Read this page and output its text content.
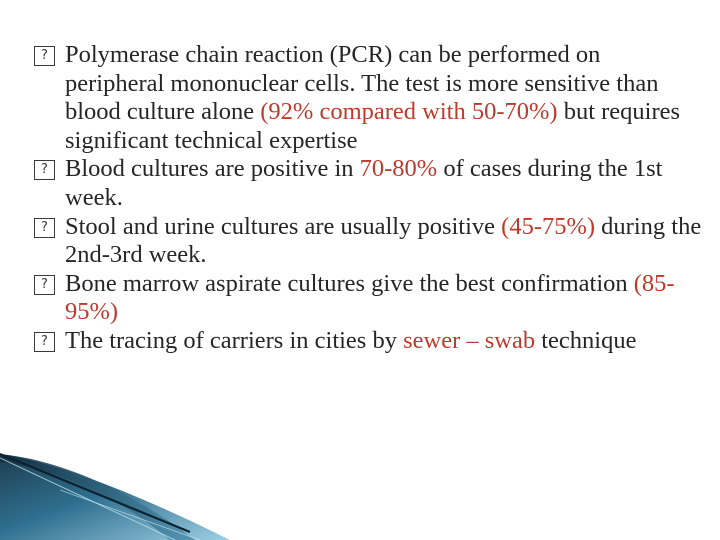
? Polymerase chain reaction (PCR) can be performed on peripheral mononuclear cells. The test is more sensitive than blood culture alone (92% compared with 50-70%) but requires significant technical expertise

? Blood cultures are positive in 70-80% of cases during the 1st week.

? Stool and urine cultures are usually positive (45-75%) during the 2nd-3rd week.

? Bone marrow aspirate cultures give the best confirmation (85-95%)

? The tracing of carriers in cities by sewer – swab technique
